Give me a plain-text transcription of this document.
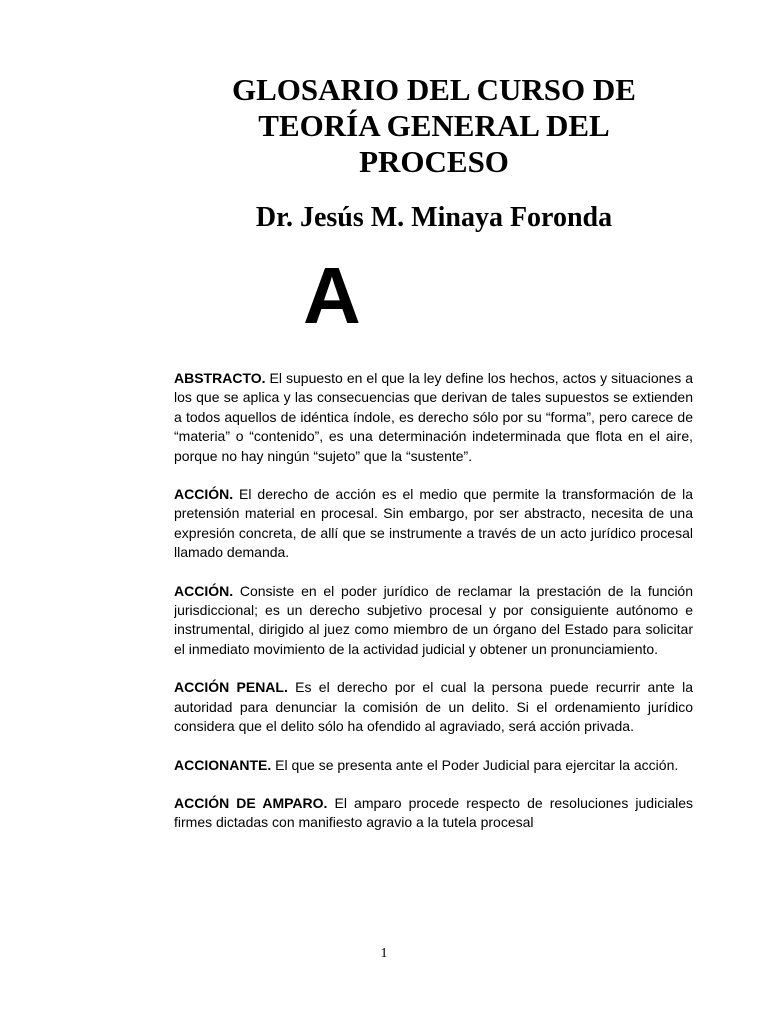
GLOSARIO DEL CURSO DE
TEORÍA GENERAL DEL
PROCESO
Dr. Jesús M. Minaya Foronda
A

ABSTRACTO. El supuesto en el que la ley define los hechos, actos y situaciones a los que se aplica y las consecuencias que derivan de tales supuestos se extienden a todos aquellos de idéntica índole, es derecho sólo por su “forma”, pero carece de “materia” o “contenido”, es una determinación indeterminada que flota en el aire, porque no hay ningún “sujeto” que la “sustente”.

ACCIÓN. El derecho de acción es el medio que permite la transformación de la pretensión material en procesal. Sin embargo, por ser abstracto, necesita de una expresión concreta, de allí que se instrumente a través de un acto jurídico procesal llamado demanda.

ACCIÓN. Consiste en el poder jurídico de reclamar la prestación de la función jurisdiccional; es un derecho subjetivo procesal y por consiguiente autónomo e instrumental, dirigido al juez como miembro de un órgano del Estado para solicitar el inmediato movimiento de la actividad judicial y obtener un pronunciamiento.

ACCIÓN PENAL. Es el derecho por el cual la persona puede recurrir ante la autoridad para denunciar la comisión de un delito. Si el ordenamiento jurídico considera que el delito sólo ha ofendido al agraviado, será acción privada.

ACCIONANTE. El que se presenta ante el Poder Judicial para ejercitar la acción.

ACCIÓN DE AMPARO. El amparo procede respecto de resoluciones judiciales firmes dictadas con manifiesto agravio a la tutela procesal

1
